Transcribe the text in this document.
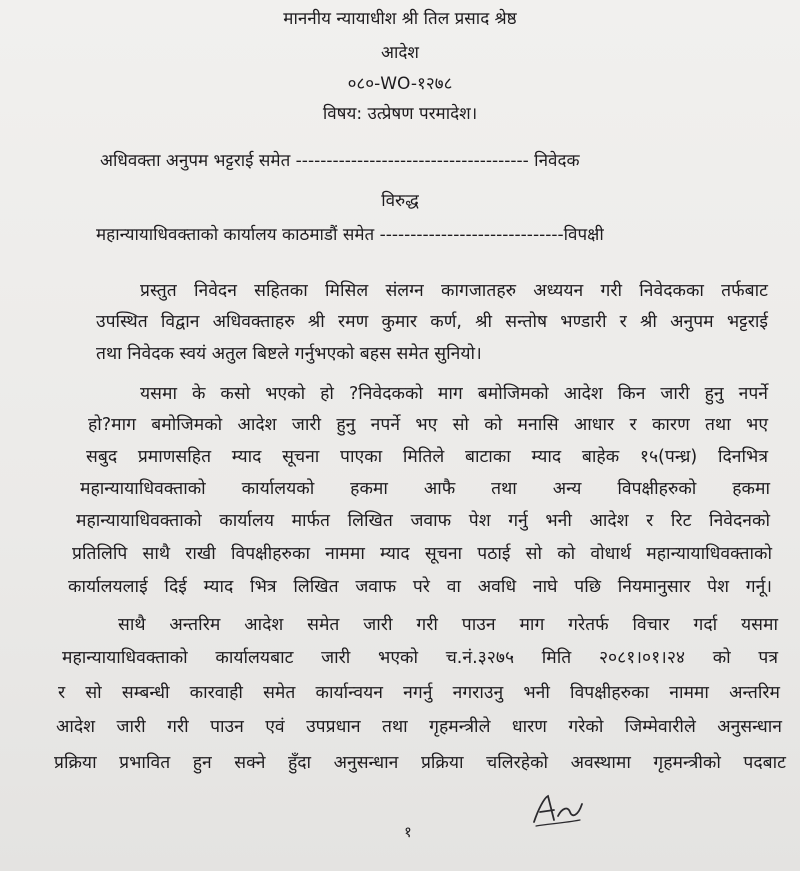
माननीय न्यायाधीश श्री तिल प्रसाद श्रेष्ठ
आदेश
०८०-WO-१२७८
विषय: उत्प्रेषण परमादेश।
अधिवक्ता अनुपम भट्टराई समेत -------------------------------------- निवेदक
विरुद्ध
महान्यायाधिवक्ताको कार्यालय काठमाडौं समेत ------------------------------विपक्षी
प्रस्तुत निवेदन सहितका मिसिल संलग्न कागजातहरु अध्ययन गरी निवेदकका तर्फबाट
उपस्थित विद्वान अधिवक्ताहरु श्री रमण कुमार कर्ण, श्री सन्तोष भण्डारी र श्री अनुपम भट्टराई
तथा निवेदक स्वयं अतुल बिष्टले गर्नुभएको बहस समेत सुनियो।
यसमा के कसो भएको हो ?निवेदकको माग बमोजिमको आदेश किन जारी हुनु नपर्ने
हो?माग बमोजिमको आदेश जारी हुनु नपर्ने भए सो को मनासि आधार र कारण तथा भए
सबुद प्रमाणसहित म्याद सूचना पाएका मितिले बाटाका म्याद बाहेक १५(पन्ध्र) दिनभित्र
महान्यायाधिवक्ताको कार्यालयको हकमा आफै तथा अन्य विपक्षीहरुको हकमा
महान्यायाधिवक्ताको कार्यालय मार्फत लिखित जवाफ पेश गर्नु भनी आदेश र रिट निवेदनको
प्रतिलिपि साथै राखी विपक्षीहरुका नाममा म्याद सूचना पठाई सो को वोधार्थ महान्यायाधिवक्ताको
कार्यालयलाई दिई म्याद भित्र लिखित जवाफ परे वा अवधि नाघे पछि नियमानुसार पेश गर्नू।
साथै अन्तरिम आदेश समेत जारी गरी पाउन माग गरेतर्फ विचार गर्दा यसमा
महान्यायाधिवक्ताको कार्यालयबाट जारी भएको च.नं.३२७५ मिति २०८१।०१।२४ को पत्र
र सो सम्बन्धी कारवाही समेत कार्यान्वयन नगर्नु नगराउनु भनी विपक्षीहरुका नाममा अन्तरिम
आदेश जारी गरी पाउन एवं उपप्रधान तथा गृहमन्त्रीले धारण गरेको जिम्मेवारीले अनुसन्धान
प्रक्रिया प्रभावित हुन सक्ने हुँदा अनुसन्धान प्रक्रिया चलिरहेको अवस्थामा गृहमन्त्रीको पदबाट
१
